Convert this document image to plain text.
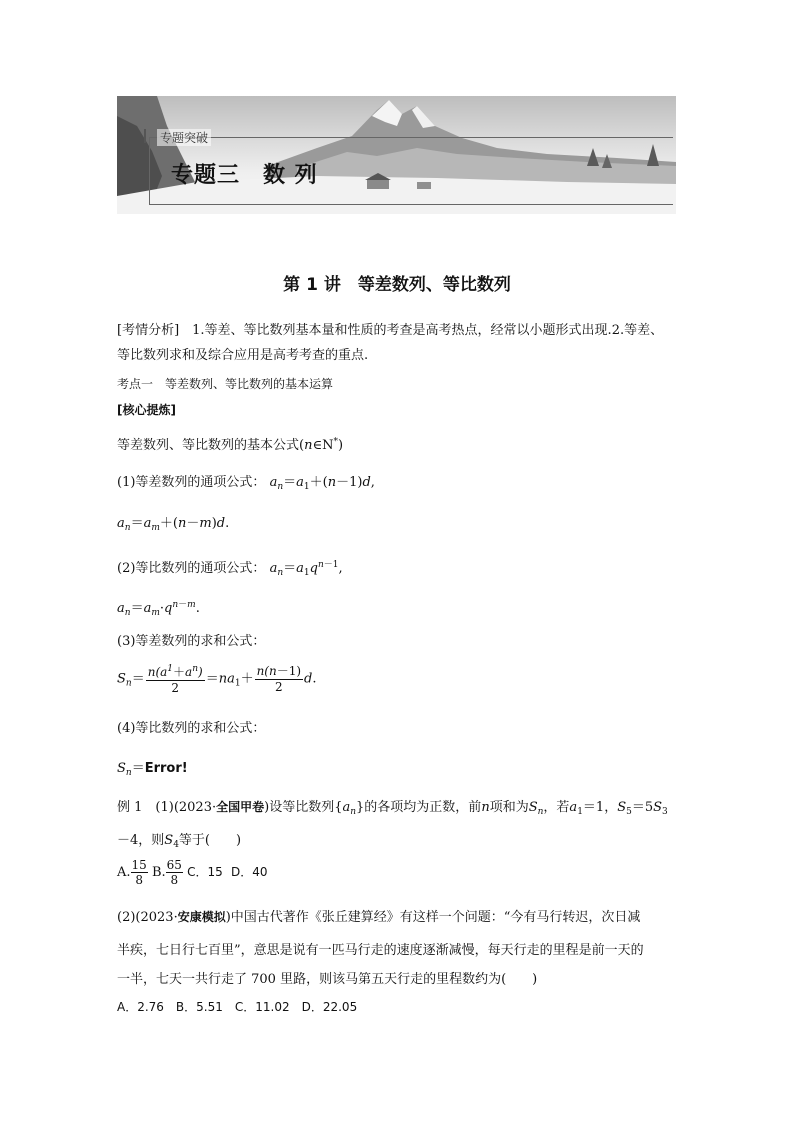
专题突破
专题三　数 列
第 1 讲　等差数列、等比数列
[考情分析]　1.等差、等比数列基本量和性质的考查是高考热点，经常以小题形式出现.2.等差、
等比数列求和及综合应用是高考考查的重点.
考点一　等差数列、等比数列的基本运算
[核心提炼]
等差数列、等比数列的基本公式(n∈N*)
(1)等差数列的通项公式： $a_n=a_1+(n-1)d$,
$a_n=a_m+(n-m)d$.
(2)等比数列的通项公式： $a_n=a_1q^{n-1}$,
$a_n=a_m\cdot q^{n-m}$.
(3)等差数列的求和公式：
$S_n= \frac{n(a^1+a^n)}{2} =na_1+ \frac{n(n-1)}{2} d$.
(4)等比数列的求和公式：
$S_n=Error$!
例 1　(1)(2023·全国甲卷)设等比数列$\{a_n\}$的各项均为正数，前n项和为$S_n$，若$a_1=1$，$S_5=5S_3$
－4，则$S_4$等于(　　)
A. $\frac{15}{8} B$. $\frac{65}{8}$ C．15 D．40
(2)(2023·安康模拟)中国古代著作《张丘建算经》有这样一个问题：“今有马行转迟，次日减
半疾，七日行七百里”，意思是说有一匹马行走的速度逐渐减慢，每天行走的里程是前一天的
一半，七天一共行走了 700 里路，则该马第五天行走的里程数约为(　　)
A．2.76　B．5.51　C．11.02　D．22.05
